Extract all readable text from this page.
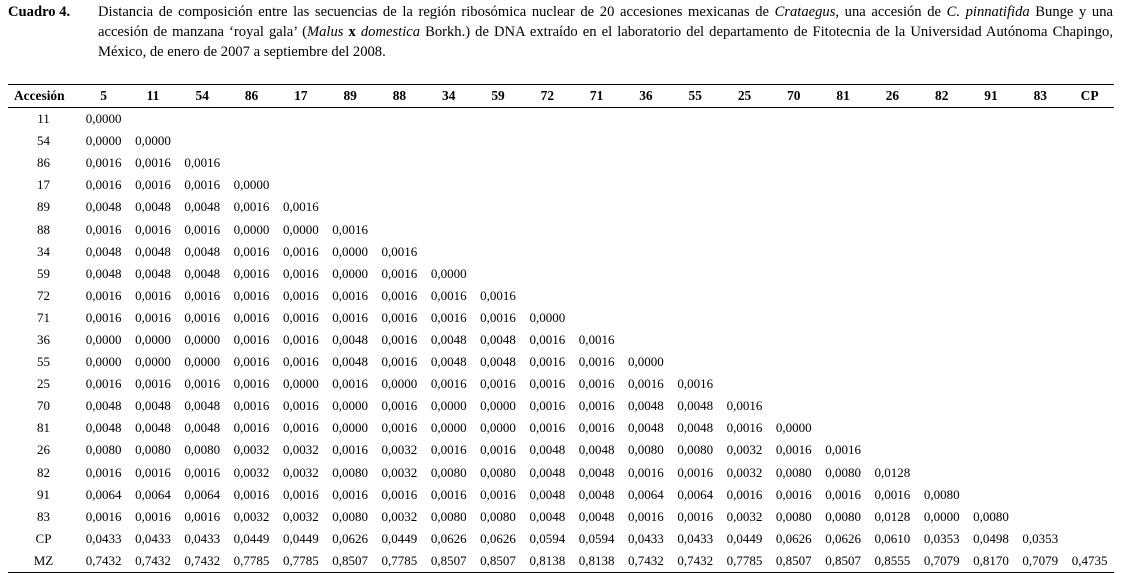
Cuadro 4. Distancia de composición entre las secuencias de la región ribosómica nuclear de 20 accesiones mexicanas de Crataegus, una accesión de C. pinnatifida Bunge y una accesión de manzana ‘royal gala’ (Malus x domestica Borkh.) de DNA extraído en el laboratorio del departamento de Fitotecnia de la Universidad Autónoma Chapingo, México, de enero de 2007 a septiembre del 2008.
Accesión	5	11	54	86	17	89	88	34	59	72	71	36	55	25	70	81	26	82	91	83	CP
11	0,0000																				
54	0,0000	0,0000																			
86	0,0016	0,0016	0,0016																		
17	0,0016	0,0016	0,0016	0,0000																	
89	0,0048	0,0048	0,0048	0,0016	0,0016																
88	0,0016	0,0016	0,0016	0,0000	0,0000	0,0016															
34	0,0048	0,0048	0,0048	0,0016	0,0016	0,0000	0,0016														
59	0,0048	0,0048	0,0048	0,0016	0,0016	0,0000	0,0016	0,0000													
72	0,0016	0,0016	0,0016	0,0016	0,0016	0,0016	0,0016	0,0016	0,0016												
71	0,0016	0,0016	0,0016	0,0016	0,0016	0,0016	0,0016	0,0016	0,0016	0,0000											
36	0,0000	0,0000	0,0000	0,0016	0,0016	0,0048	0,0016	0,0048	0,0048	0,0016	0,0016										
55	0,0000	0,0000	0,0000	0,0016	0,0016	0,0048	0,0016	0,0048	0,0048	0,0016	0,0016	0,0000									
25	0,0016	0,0016	0,0016	0,0016	0,0000	0,0016	0,0000	0,0016	0,0016	0,0016	0,0016	0,0016	0,0016								
70	0,0048	0,0048	0,0048	0,0016	0,0016	0,0000	0,0016	0,0000	0,0000	0,0016	0,0016	0,0048	0,0048	0,0016							
81	0,0048	0,0048	0,0048	0,0016	0,0016	0,0000	0,0016	0,0000	0,0000	0,0016	0,0016	0,0048	0,0048	0,0016	0,0000						
26	0,0080	0,0080	0,0080	0,0032	0,0032	0,0016	0,0032	0,0016	0,0016	0,0048	0,0048	0,0080	0,0080	0,0032	0,0016	0,0016					
82	0,0016	0,0016	0,0016	0,0032	0,0032	0,0080	0,0032	0,0080	0,0080	0,0048	0,0048	0,0016	0,0016	0,0032	0,0080	0,0080	0,0128				
91	0,0064	0,0064	0,0064	0,0016	0,0016	0,0016	0,0016	0,0016	0,0016	0,0048	0,0048	0,0064	0,0064	0,0016	0,0016	0,0016	0,0016	0,0080			
83	0,0016	0,0016	0,0016	0,0032	0,0032	0,0080	0,0032	0,0080	0,0080	0,0048	0,0048	0,0016	0,0016	0,0032	0,0080	0,0080	0,0128	0,0000	0,0080		
CP	0,0433	0,0433	0,0433	0,0449	0,0449	0,0626	0,0449	0,0626	0,0626	0,0594	0,0594	0,0433	0,0433	0,0449	0,0626	0,0626	0,0610	0,0353	0,0498	0,0353	
MZ	0,7432	0,7432	0,7432	0,7785	0,7785	0,8507	0,7785	0,8507	0,8507	0,8138	0,8138	0,7432	0,7432	0,7785	0,8507	0,8507	0,8555	0,7079	0,8170	0,7079	0,4735
